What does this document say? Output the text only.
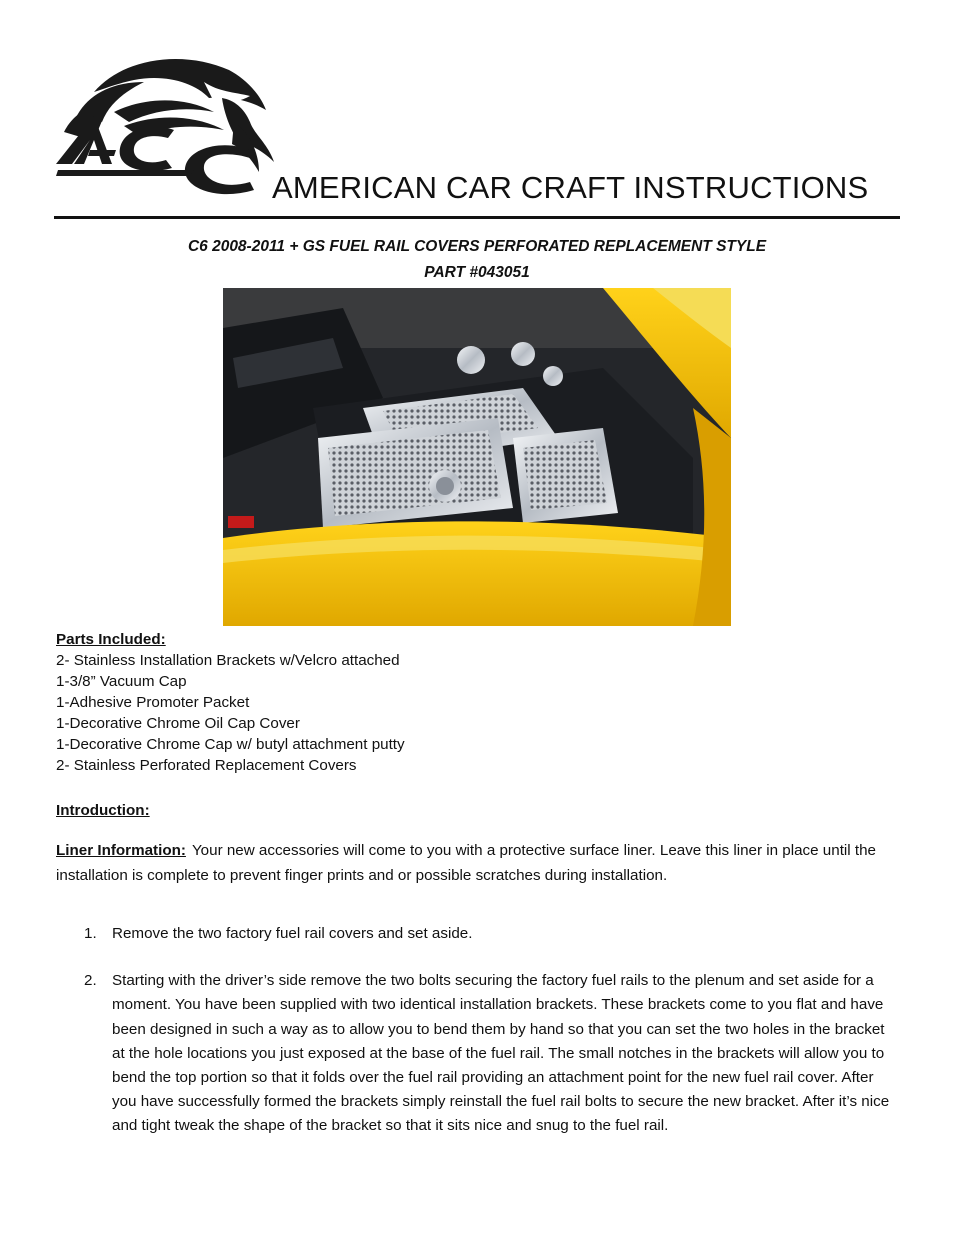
AMERICAN CAR CRAFT INSTRUCTIONS
C6 2008-2011 + GS FUEL RAIL COVERS PERFORATED REPLACEMENT STYLE
PART #043051
Parts Included:
2- Stainless Installation Brackets w/Velcro attached
1-3/8” Vacuum Cap
1-Adhesive Promoter Packet
1-Decorative Chrome Oil Cap Cover
1-Decorative Chrome Cap w/ butyl attachment putty
2- Stainless Perforated Replacement Covers
Introduction:
Liner Information: Your new accessories will come to you with a protective surface liner. Leave this liner in place until the installation is complete to prevent finger prints and or possible scratches during installation.
1. Remove the two factory fuel rail covers and set aside.
2. Starting with the driver’s side remove the two bolts securing the factory fuel rails to the plenum and set aside for a moment. You have been supplied with two identical installation brackets. These brackets come to you flat and have been designed in such a way as to allow you to bend them by hand so that you can set the two holes in the bracket at the hole locations you just exposed at the base of the fuel rail. The small notches in the brackets will allow you to bend the top portion so that it folds over the fuel rail providing an attachment point for the new fuel rail cover. After you have successfully formed the brackets simply reinstall the fuel rail bolts to secure the new bracket. After it’s nice and tight tweak the shape of the bracket so that it sits nice and snug to the fuel rail.
